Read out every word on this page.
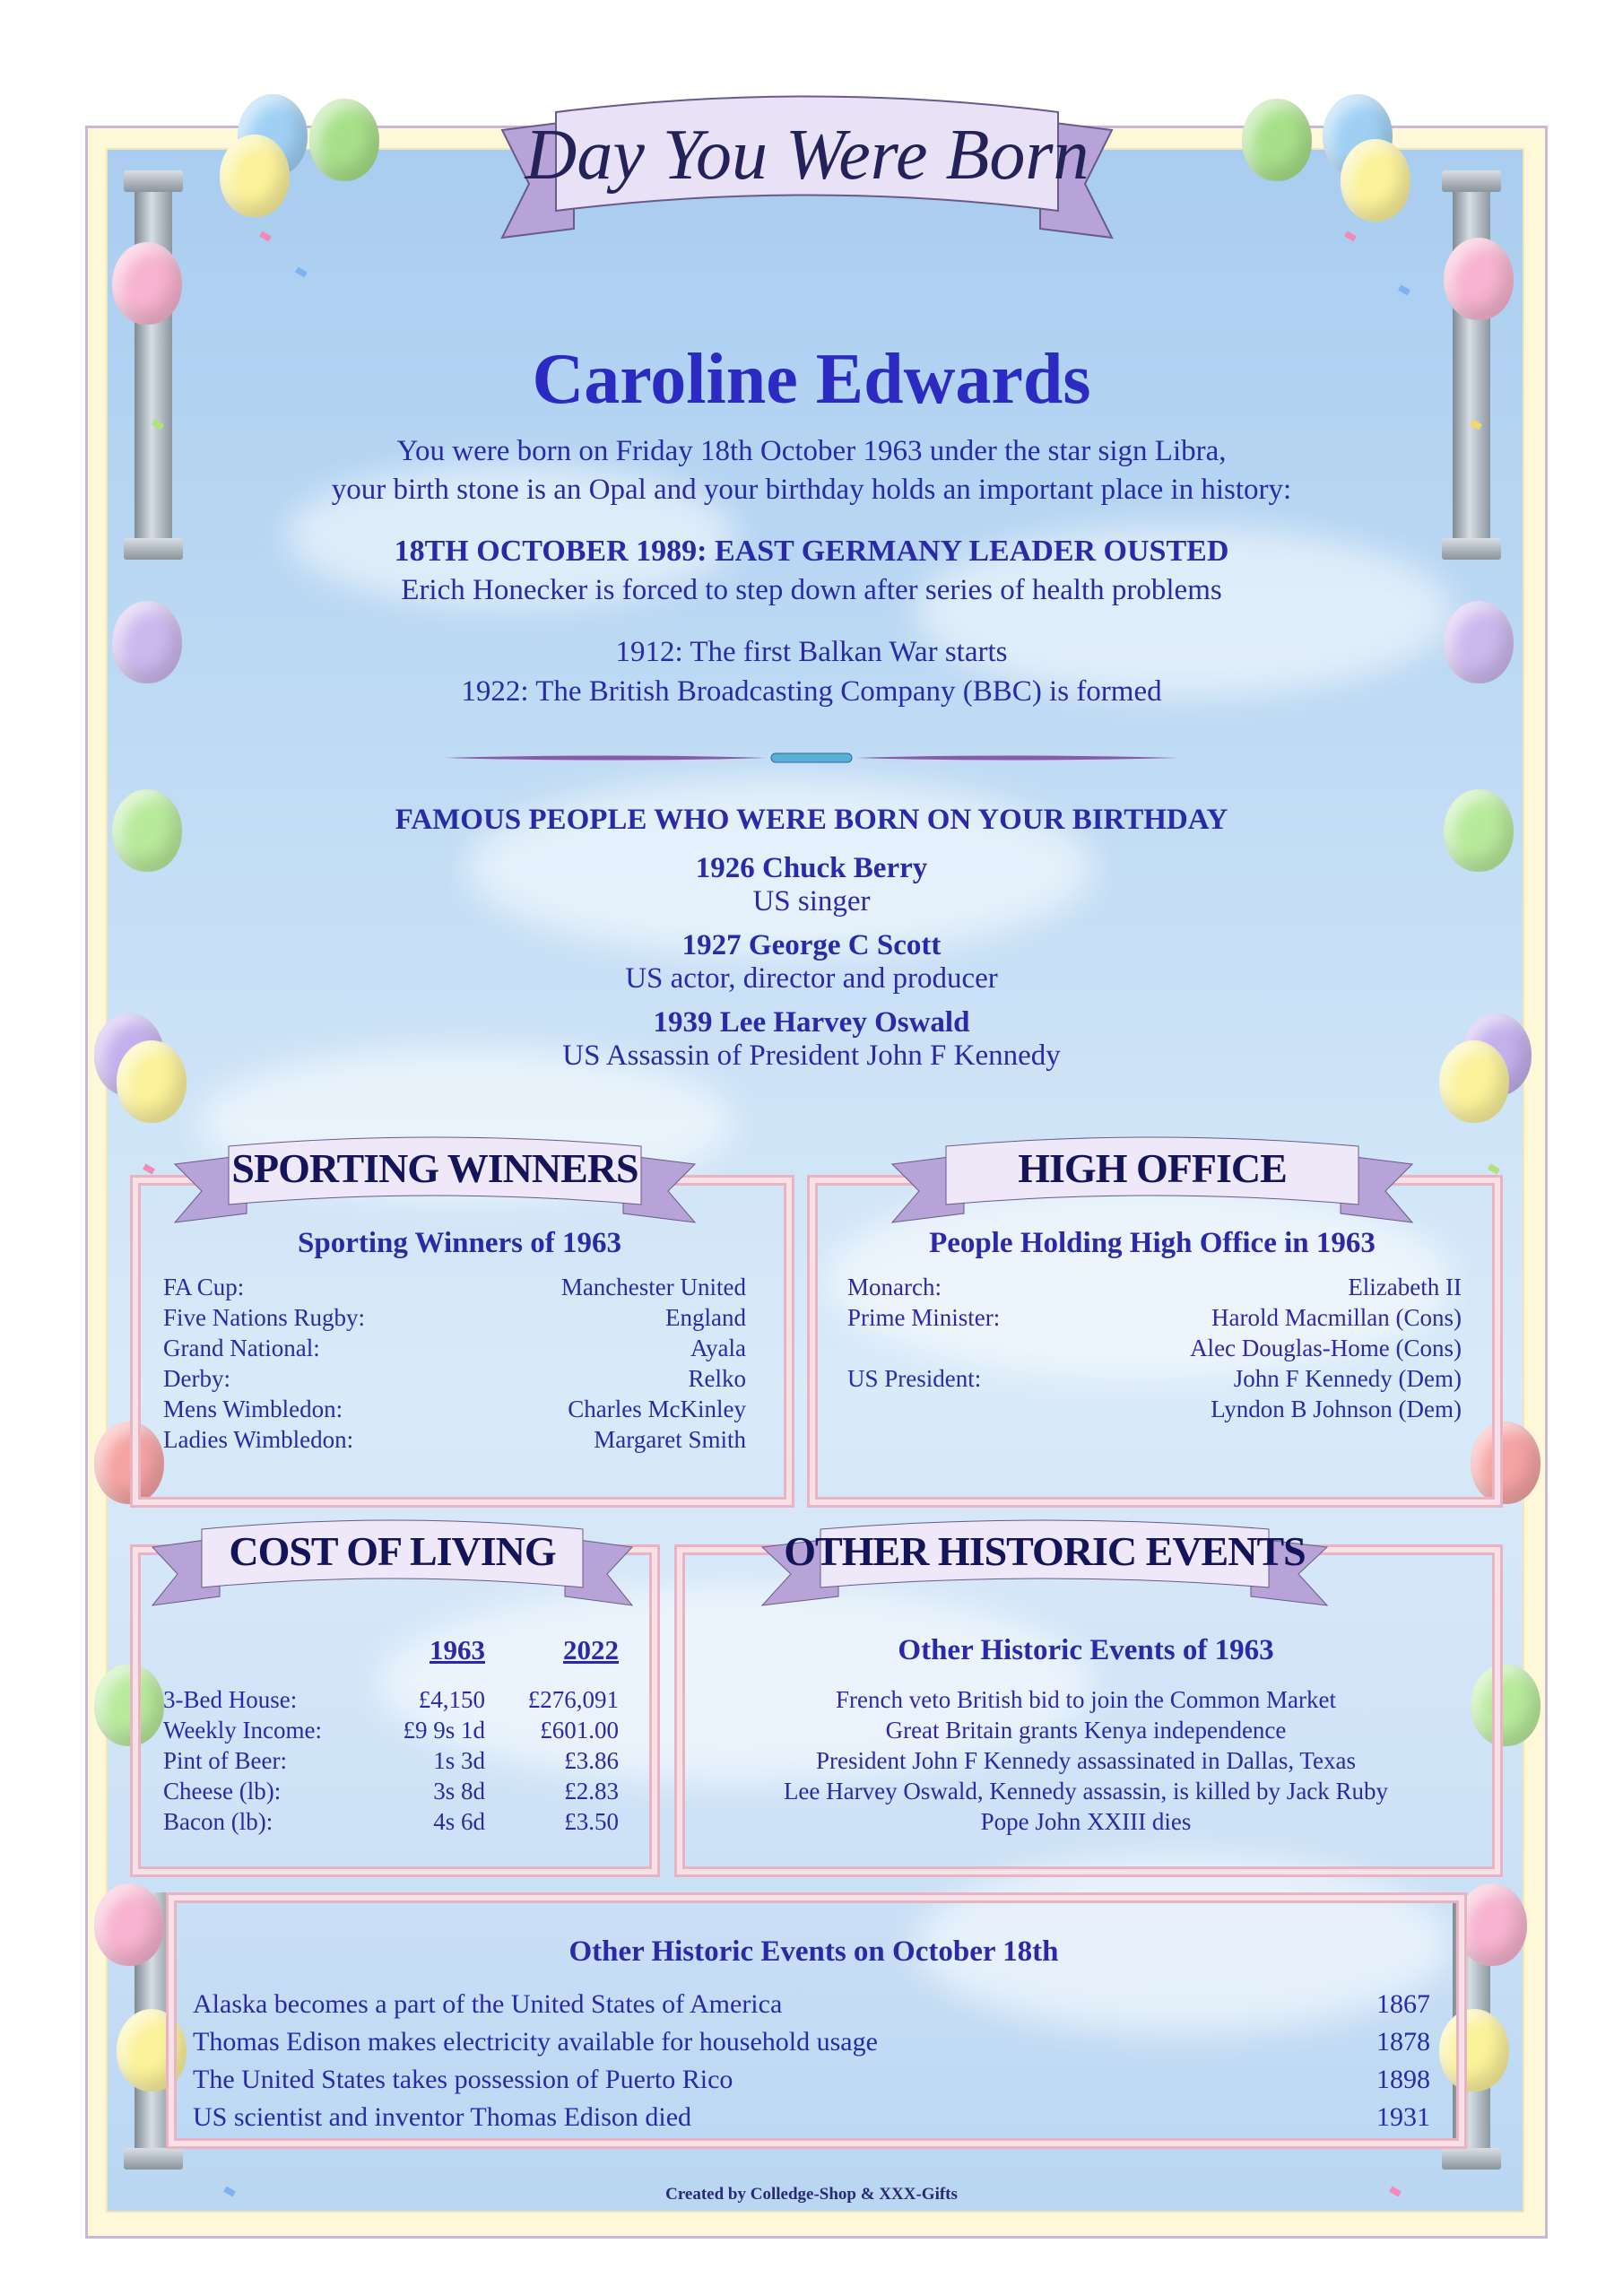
Day You Were Born
Caroline Edwards
You were born on Friday 18th October 1963 under the star sign Libra,
your birth stone is an Opal and your birthday holds an important place in history:
18TH OCTOBER 1989: EAST GERMANY LEADER OUSTED
Erich Honecker is forced to step down after series of health problems
1912: The first Balkan War starts
1922: The British Broadcasting Company (BBC) is formed
FAMOUS PEOPLE WHO WERE BORN ON YOUR BIRTHDAY
1926 Chuck Berry
US singer
1927 George C Scott
US actor, director and producer
1939 Lee Harvey Oswald
US Assassin of President John F Kennedy
SPORTING WINNERS
Sporting Winners of 1963
FA Cup:	Manchester United
Five Nations Rugby:	England
Grand National:	Ayala
Derby:	Relko
Mens Wimbledon:	Charles McKinley
Ladies Wimbledon:	Margaret Smith
HIGH OFFICE
People Holding High Office in 1963
Monarch:	Elizabeth II
Prime Minister:	Harold Macmillan (Cons)
Alec Douglas-Home (Cons)
US President:	John F Kennedy (Dem)
Lyndon B Johnson (Dem)
COST OF LIVING
1963	2022
3-Bed House:	£4,150	£276,091
Weekly Income:	£9 9s 1d	£601.00
Pint of Beer:	1s 3d	£3.86
Cheese (lb):	3s 8d	£2.83
Bacon (lb):	4s 6d	£3.50
OTHER HISTORIC EVENTS
Other Historic Events of 1963
French veto British bid to join the Common Market
Great Britain grants Kenya independence
President John F Kennedy assassinated in Dallas, Texas
Lee Harvey Oswald, Kennedy assassin, is killed by Jack Ruby
Pope John XXIII dies
Other Historic Events on October 18th
Alaska becomes a part of the United States of America	1867
Thomas Edison makes electricity available for household usage	1878
The United States takes possession of Puerto Rico	1898
US scientist and inventor Thomas Edison died	1931
Created by Colledge-Shop & XXX-Gifts
